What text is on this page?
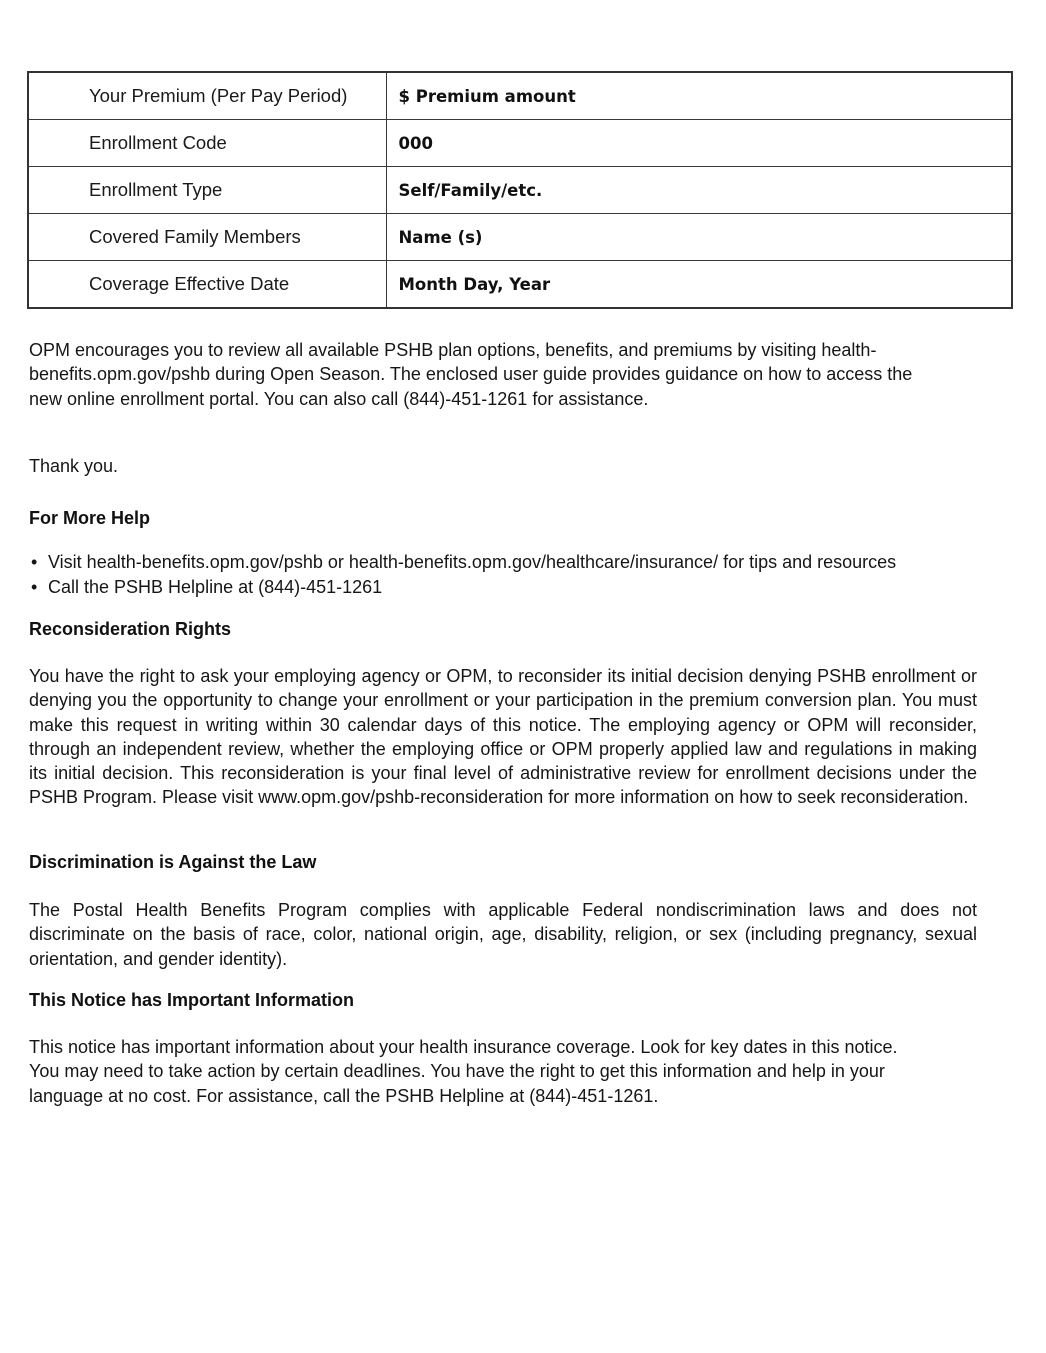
Your Premium (Per Pay Period)	$ Premium amount
Enrollment Code	000
Enrollment Type	Self/Family/etc.
Covered Family Members	Name (s)
Coverage Effective Date	Month Day, Year
OPM encourages you to review all available PSHB plan options, benefits, and premiums by visiting health-
benefits.opm.gov/pshb during Open Season. The enclosed user guide provides guidance on how to access the
new online enrollment portal. You can also call (844)-451-1261 for assistance.
Thank you.
For More Help
• Visit health-benefits.opm.gov/pshb or health-benefits.opm.gov/healthcare/insurance/ for tips and resources
• Call the PSHB Helpline at (844)-451-1261
Reconsideration Rights
You have the right to ask your employing agency or OPM, to reconsider its initial decision denying PSHB enrollment or denying you the opportunity to change your enrollment or your participation in the premium conversion plan. You must make this request in writing within 30 calendar days of this notice. The employing agency or OPM will reconsider, through an independent review, whether the employing office or OPM properly applied law and regulations in making its initial decision. This reconsideration is your final level of administrative review for enrollment decisions under the PSHB Program. Please visit www.opm.gov/pshb-reconsideration for more information on how to seek reconsideration.
Discrimination is Against the Law
The Postal Health Benefits Program complies with applicable Federal nondiscrimination laws and does not discriminate on the basis of race, color, national origin, age, disability, religion, or sex (including pregnancy, sexual orientation, and gender identity).
This Notice has Important Information
This notice has important information about your health insurance coverage. Look for key dates in this notice.
You may need to take action by certain deadlines. You have the right to get this information and help in your
language at no cost. For assistance, call the PSHB Helpline at (844)-451-1261.
